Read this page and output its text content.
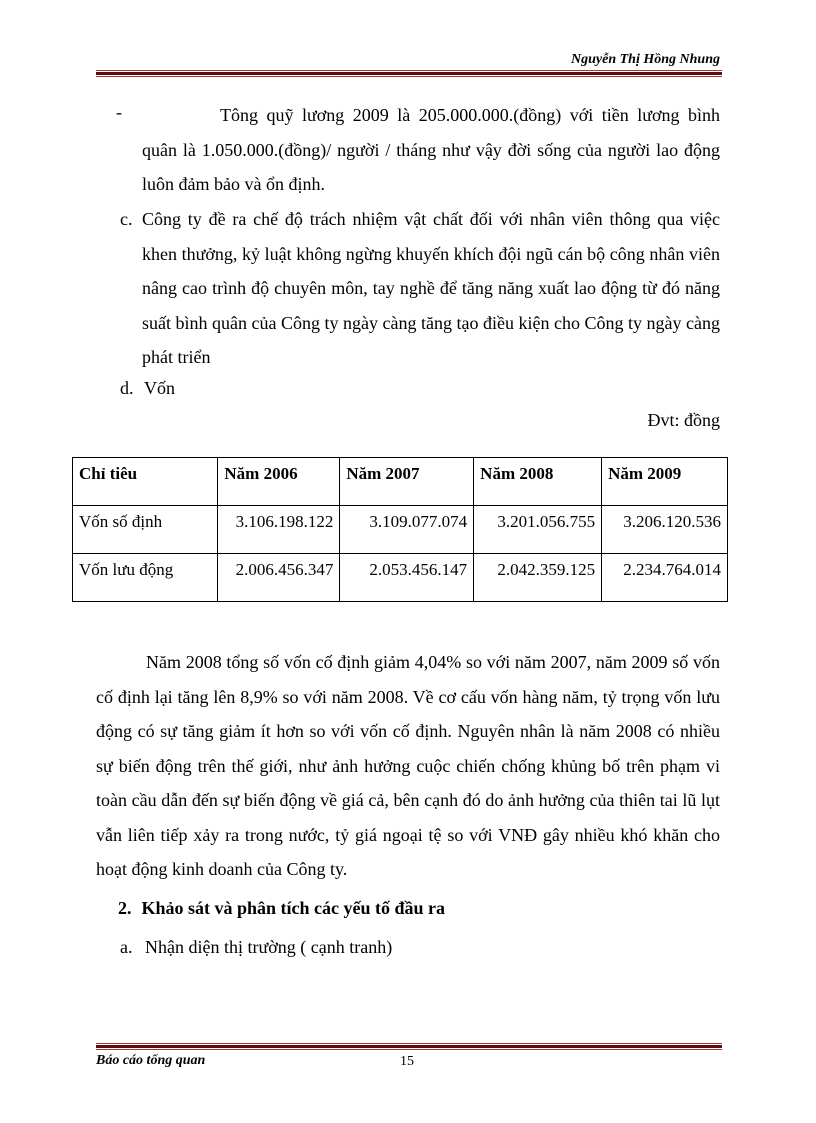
Nguyễn Thị Hồng Nhung
-	Tông quỹ lương 2009 là 205.000.000.(đồng) với tiền lương bình quân là 1.050.000.(đồng)/ người / tháng như vậy đời sống của người lao động luôn đảm bảo và ổn định.
c. Công ty đề ra chế độ trách nhiệm vật chất đối với nhân viên thông qua việc khen thưởng, kỷ luật không ngừng khuyến khích đội ngũ cán bộ công nhân viên nâng cao trình độ chuyên môn, tay nghề để tăng năng xuất lao động từ đó năng suất bình quân của Công ty ngày càng tăng tạo điều kiện cho Công ty ngày càng phát triển
d. Vốn
Đvt: đồng
Chỉ tiêu	Năm 2006	Năm 2007	Năm 2008	Năm 2009
Vốn số định	3.106.198.122	3.109.077.074	3.201.056.755	3.206.120.536
Vốn lưu động	2.006.456.347	2.053.456.147	2.042.359.125	2.234.764.014
Năm 2008 tổng số vốn cố định giảm 4,04% so với năm 2007, năm 2009 số vốn cố định lại tăng lên 8,9% so với năm 2008. Về cơ cấu vốn hàng năm, tỷ trọng vốn lưu động có sự tăng giảm ít hơn so với vốn cố định. Nguyên nhân là năm 2008 có nhiều sự biến động trên thế giới, như ảnh hưởng cuộc chiến chống khủng bố trên phạm vi toàn cầu dẫn đến sự biến động về giá cả, bên cạnh đó do ảnh hưởng của thiên tai lũ lụt vẫn liên tiếp xảy ra trong nước, tỷ giá ngoại tệ so với VNĐ gây nhiều khó khăn cho hoạt động kinh doanh của Công ty.
2. Khảo sát và phân tích các yếu tố đầu ra
a. Nhận diện thị trường ( cạnh tranh)
Báo cáo tổng quan	15
